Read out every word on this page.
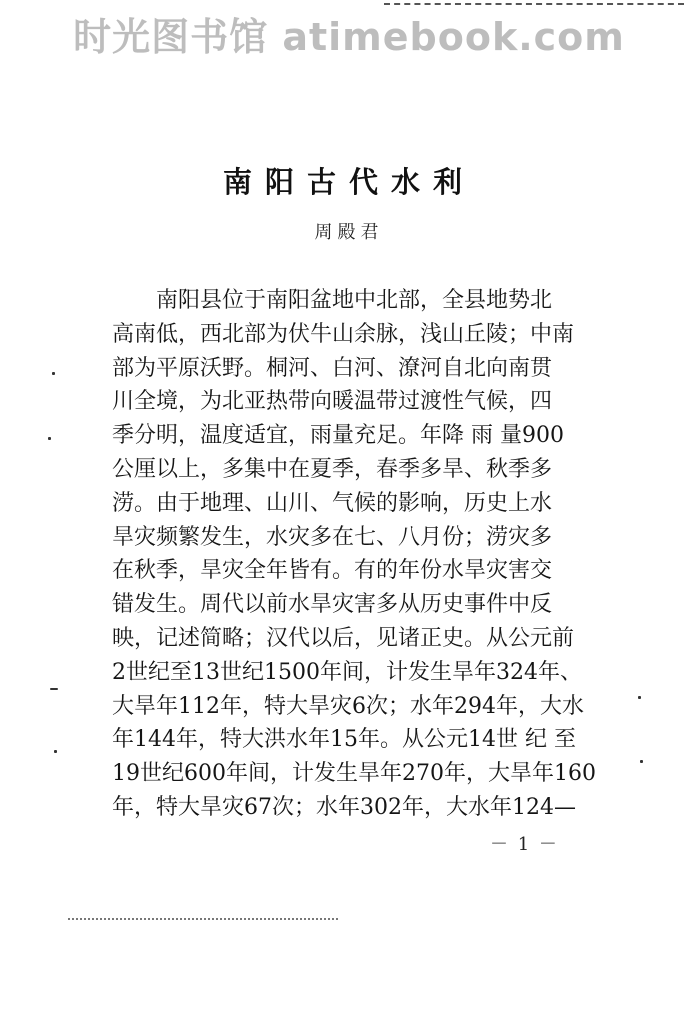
时光图书馆 atimebook.com
南阳古代水利
周殿君
南阳县位于南阳盆地中北部，全县地势北
高南低，西北部为伏牛山余脉，浅山丘陵；中南
部为平原沃野。桐河、白河、潦河自北向南贯
川全境，为北亚热带向暖温带过渡性气候，四
季分明，温度适宜，雨量充足。年降 雨 量900
公厘以上，多集中在夏季，春季多旱、秋季多
涝。由于地理、山川、气候的影响，历史上水
旱灾频繁发生，水灾多在七、八月份；涝灾多
在秋季，旱灾全年皆有。有的年份水旱灾害交
错发生。周代以前水旱灾害多从历史事件中反
映，记述简略；汉代以后，见诸正史。从公元前
2世纪至13世纪1500年间，计发生旱年324年、
大旱年112年，特大旱灾6次；水年294年，大水
年144年，特大洪水年15年。从公元14世 纪 至
19世纪600年间，计发生旱年270年，大旱年160
年，特大旱灾67次；水年302年，大水年124—
－ 1 －
